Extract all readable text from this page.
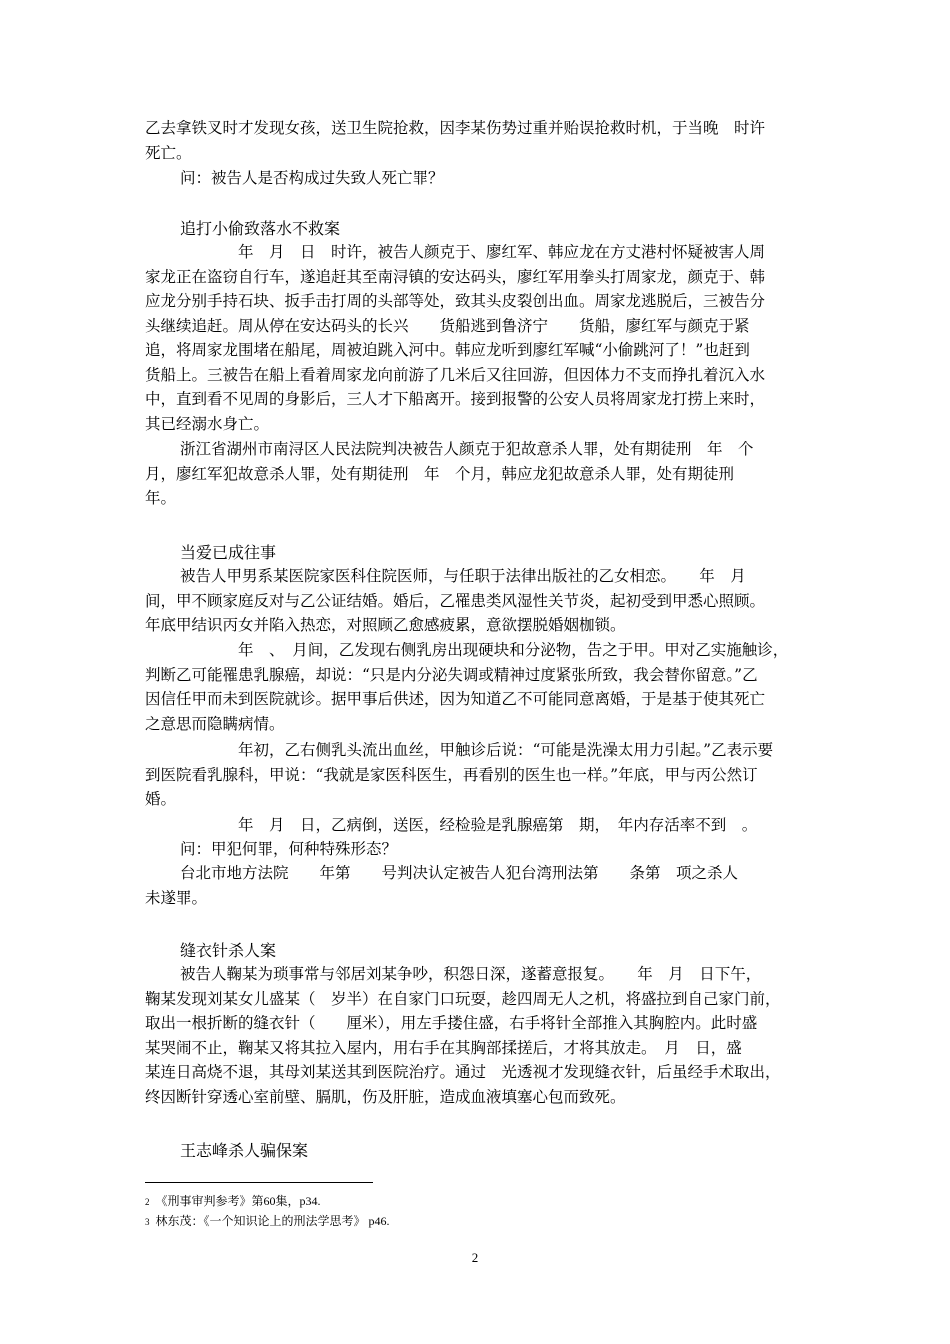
乙去拿铁叉时才发现女孩，送卫生院抢救，因李某伤势过重并贻误抢救时机，于当晚　时许
死亡。
问：被告人是否构成过失致人死亡罪？
追打小偷致落水不救案
　　年　月　日　时许，被告人颜克于、廖红军、韩应龙在方丈港村怀疑被害人周
家龙正在盗窃自行车，遂追赶其至南浔镇的安达码头，廖红军用拳头打周家龙，颜克于、韩
应龙分别手持石块、扳手击打周的头部等处，致其头皮裂创出血。周家龙逃脱后，三被告分
头继续追赶。周从停在安达码头的长兴　　货船逃到鲁济宁　　货船，廖红军与颜克于紧
追，将周家龙围堵在船尾，周被迫跳入河中。韩应龙听到廖红军喊“小偷跳河了！”也赶到
货船上。三被告在船上看着周家龙向前游了几米后又往回游，但因体力不支而挣扎着沉入水
中，直到看不见周的身影后，三人才下船离开。接到报警的公安人员将周家龙打捞上来时，
其已经溺水身亡。
浙江省湖州市南浔区人民法院判决被告人颜克于犯故意杀人罪，处有期徒刑　年　个
月，廖红军犯故意杀人罪，处有期徒刑　年　个月，韩应龙犯故意杀人罪，处有期徒刑
年。
当爱已成往事
被告人甲男系某医院家医科住院医师，与任职于法律出版社的乙女相恋。　　年　月
间，甲不顾家庭反对与乙公证结婚。婚后，乙罹患类风湿性关节炎，起初受到甲悉心照顾。
年底甲结识丙女并陷入热恋，对照顾乙愈感疲累，意欲摆脱婚姻枷锁。
　　年　、　月间，乙发现右侧乳房出现硬块和分泌物，告之于甲。甲对乙实施触诊，
判断乙可能罹患乳腺癌，却说：“只是内分泌失调或精神过度紧张所致，我会替你留意。”乙
因信任甲而未到医院就诊。据甲事后供述，因为知道乙不可能同意离婚，于是基于使其死亡
之意思而隐瞒病情。
　　年初，乙右侧乳头流出血丝，甲触诊后说：“可能是洗澡太用力引起。”乙表示要
到医院看乳腺科，甲说：“我就是家医科医生，再看别的医生也一样。”年底，甲与丙公然订
婚。
　　年　月　日，乙病倒，送医，经检验是乳腺癌第　期，　年内存活率不到　。
问：甲犯何罪，何种特殊形态？
台北市地方法院　　年第　　号判决认定被告人犯台湾刑法第　　条第　项之杀人
未遂罪。
缝衣针杀人案
被告人鞠某为琐事常与邻居刘某争吵，积怨日深，遂蓄意报复。　　年　月　日下午，
鞠某发现刘某女儿盛某（　岁半）在自家门口玩耍，趁四周无人之机，将盛拉到自己家门前，
取出一根折断的缝衣针（　　厘米），用左手搂住盛，右手将针全部推入其胸腔内。此时盛
某哭闹不止，鞠某又将其拉入屋内，用右手在其胸部揉搓后，才将其放走。　月　日，盛
某连日高烧不退，其母刘某送其到医院治疗。通过　光透视才发现缝衣针，后虽经手术取出，
终因断针穿透心室前壁、膈肌，伤及肝脏，造成血液填塞心包而致死。
王志峰杀人骗保案
2 《刑事审判参考》第60集，p34.
3 林东茂：《一个知识论上的刑法学思考》 p46.
2
